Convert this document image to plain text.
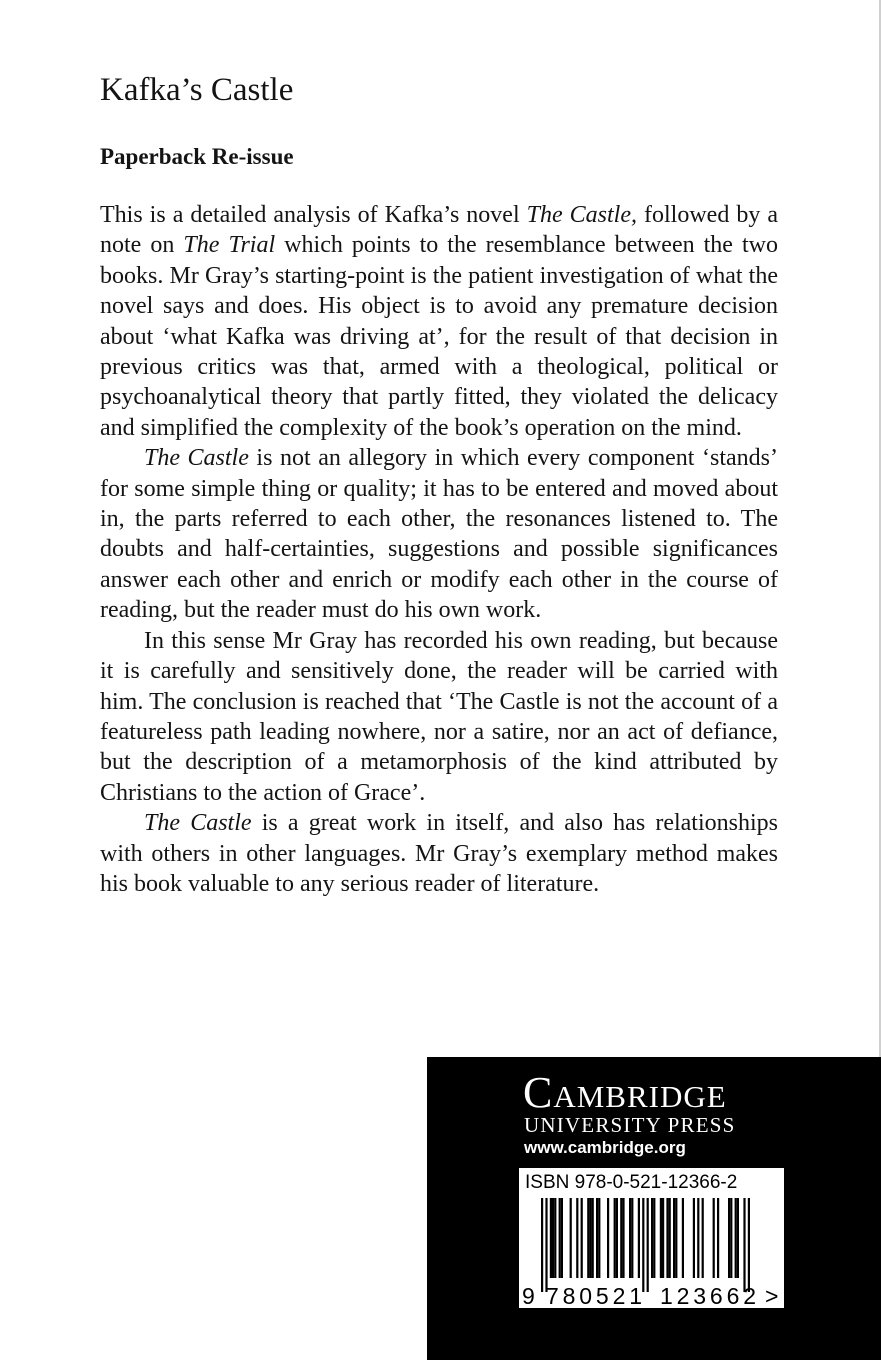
Kafka’s Castle
Paperback Re-issue

This is a detailed analysis of Kafka’s novel The Castle, followed by a note on The Trial which points to the resemblance between the two books. Mr Gray’s starting-point is the patient investigation of what the novel says and does. His object is to avoid any premature decision about ‘what Kafka was driving at’, for the result of that decision in previous critics was that, armed with a theological, political or psychoanalytical theory that partly fitted, they violated the delicacy and simplified the complexity of the book’s operation on the mind.

The Castle is not an allegory in which every component ‘stands’ for some simple thing or quality; it has to be entered and moved about in, the parts referred to each other, the resonances listened to. The doubts and half-certainties, suggestions and possible significances answer each other and enrich or modify each other in the course of reading, but the reader must do his own work.

In this sense Mr Gray has recorded his own reading, but because it is carefully and sensitively done, the reader will be carried with him. The conclusion is reached that ‘The Castle is not the account of a featureless path leading nowhere, nor a satire, nor an act of defiance, but the description of a metamorphosis of the kind attributed by Christians to the action of Grace’.

The Castle is a great work in itself, and also has relationships with others in other languages. Mr Gray’s exemplary method makes his book valuable to any serious reader of literature.

Cambridge

UNIVERSITY PRESS

www.cambridge.org

ISBN 978-0-521-12366-2

9 780521 123662 >
